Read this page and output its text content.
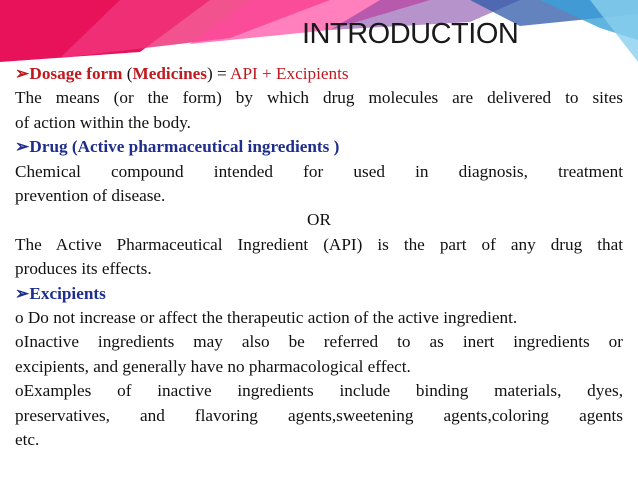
INTRODUCTION
➢Dosage form (Medicines) = API + Excipients
The means (or the form) by which drug molecules are delivered to sites
of action within the body.
➢Drug (Active pharmaceutical ingredients )
Chemical compound intended for used in diagnosis, treatment
prevention of disease.
OR
The Active Pharmaceutical Ingredient (API) is the part of any drug that
produces its effects.
➢Excipients
o Do not increase or affect the therapeutic action of the active ingredient.
oInactive ingredients may also be referred to as inert ingredients or
excipients, and generally have no pharmacological effect.
oExamples of inactive ingredients include binding materials, dyes,
preservatives, and flavoring agents,sweetening agents,coloring agents
etc.
